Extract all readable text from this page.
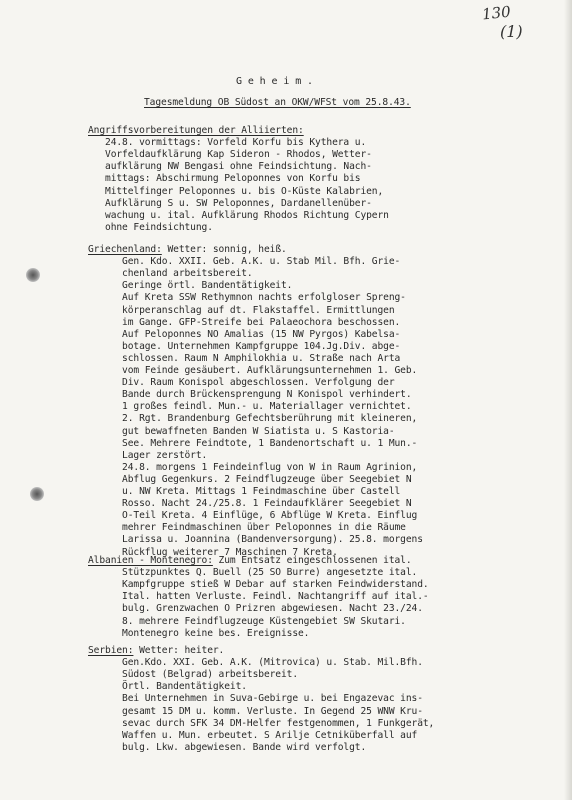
130
(1)
G e h e i m .
Tagesmeldung OB Südost an OKW/WFSt vom 25.8.43.
Angriffsvorbereitungen der Alliierten:
24.8. vormittags: Vorfeld Korfu bis Kythera u.
Vorfeldaufklärung Kap Sideron - Rhodos, Wetter-
aufklärung NW Bengasi ohne Feindsichtung. Nach-
mittags: Abschirmung Peloponnes von Korfu bis
Mittelfinger Peloponnes u. bis O-Küste Kalabrien,
Aufklärung S u. SW Peloponnes, Dardanellenüber-
wachung u. ital. Aufklärung Rhodos Richtung Cypern
ohne Feindsichtung.
Griechenland: Wetter: sonnig, heiß.
Gen. Kdo. XXII. Geb. A.K. u. Stab Mil. Bfh. Grie-
chenland arbeitsbereit.
Geringe örtl. Bandentätigkeit.
Auf Kreta SSW Rethymnon nachts erfolgloser Spreng-
körperanschlag auf dt. Flakstaffel. Ermittlungen
im Gange. GFP-Streife bei Palaeochora beschossen.
Auf Peloponnes NO Amalias (15 NW Pyrgos) Kabelsa-
botage. Unternehmen Kampfgruppe 104.Jg.Div. abge-
schlossen. Raum N Amphilokhia u. Straße nach Arta
vom Feinde gesäubert. Aufklärungsunternehmen 1. Geb.
Div. Raum Konispol abgeschlossen. Verfolgung der
Bande durch Brückensprengung N Konispol verhindert.
1 großes feindl. Mun.- u. Materiallager vernichtet.
2. Rgt. Brandenburg Gefechtsberührung mit kleineren,
gut bewaffneten Banden W Siatista u. S Kastoria-
See. Mehrere Feindtote, 1 Bandenortschaft u. 1 Mun.-
Lager zerstört.
24.8. morgens 1 Feindeinflug von W in Raum Agrinion,
Abflug Gegenkurs. 2 Feindflugzeuge über Seegebiet N
u. NW Kreta. Mittags 1 Feindmaschine über Castell
Rosso. Nacht 24./25.8. 1 Feindaufklärer Seegebiet N
O-Teil Kreta. 4 Einflüge, 6 Abflüge W Kreta. Einflug
mehrer Feindmaschinen über Peloponnes in die Räume
Larissa u. Joannina (Bandenversorgung). 25.8. morgens
Rückflug weiterer 7 Maschinen 7 Kreta.
Albanien - Montenegro: Zum Entsatz eingeschlossenen ital.
Stützpunktes Q. Buell (25 SO Burre) angesetzte ital.
Kampfgruppe stieß W Debar auf starken Feindwiderstand.
Ital. hatten Verluste. Feindl. Nachtangriff auf ital.-
bulg. Grenzwachen O Prizren abgewiesen. Nacht 23./24.
8. mehrere Feindflugzeuge Küstengebiet SW Skutari.
Montenegro keine bes. Ereignisse.
Serbien: Wetter: heiter.
Gen.Kdo. XXI. Geb. A.K. (Mitrovica) u. Stab. Mil.Bfh.
Südost (Belgrad) arbeitsbereit.
Örtl. Bandentätigkeit.
Bei Unternehmen in Suva-Gebirge u. bei Engazevac ins-
gesamt 15 DM u. komm. Verluste. In Gegend 25 WNW Kru-
sevac durch SFK 34 DM-Helfer festgenommen, 1 Funkgerät,
Waffen u. Mun. erbeutet. S Arilje Cetniküberfall auf
bulg. Lkw. abgewiesen. Bande wird verfolgt.
